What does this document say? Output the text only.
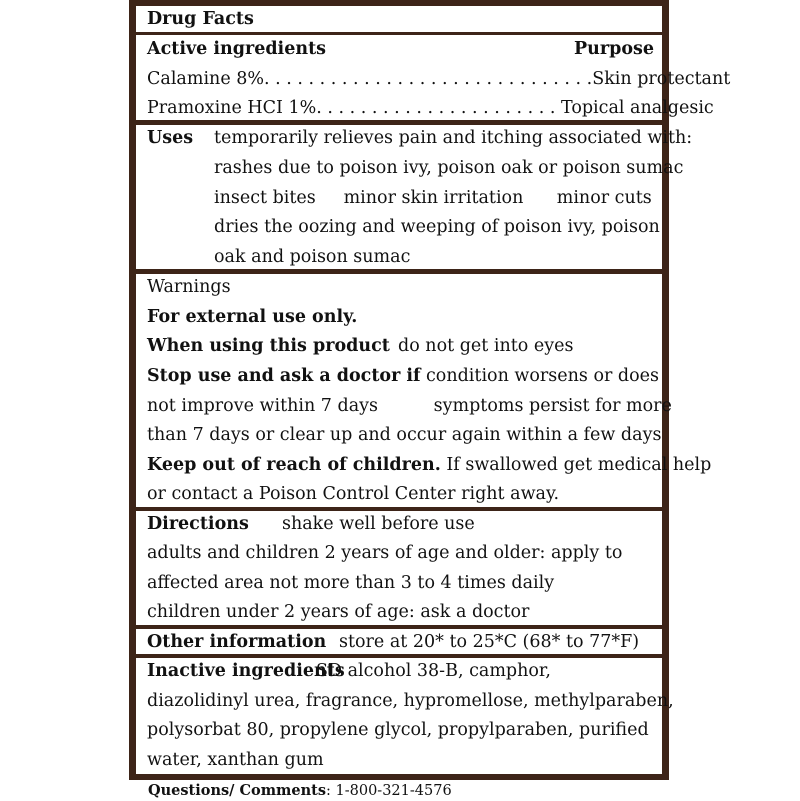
Drug Facts
Active ingredients	Purpose
Calamine 8%. . . . . . . . . . . . . . . . . . . . . . . . . . . . . .Skin protectant
Pramoxine HCI 1%. . . . . . . . . . . . . . . . . . . . . . Topical analgesic
Uses temporarily relieves pain and itching associated with:
rashes due to poison ivy, poison oak or poison sumac
insect bites     minor skin irritation      minor cuts
dries the oozing and weeping of poison ivy, poison
oak and poison sumac
Warnings
For external use only.
When using this product do not get into eyes
Stop use and ask a doctor if condition worsens or does
not improve within 7 days          symptoms persist for more
than 7 days or clear up and occur again within a few days
Keep out of reach of children. If swallowed get medical help
or contact a Poison Control Center right away.
Directions shake well before use
adults and children 2 years of age and older: apply to
affected area not more than 3 to 4 times daily
children under 2 years of age: ask a doctor
Other information store at 20* to 25*C (68* to 77*F)
Inactive ingredients
SD alcohol 38-B, camphor,
diazolidinyl urea, fragrance, hypromellose, methylparaben,
polysorbat 80, propylene glycol, propylparaben, purified
water, xanthan gum
Questions/ Comments: 1-800-321-4576
